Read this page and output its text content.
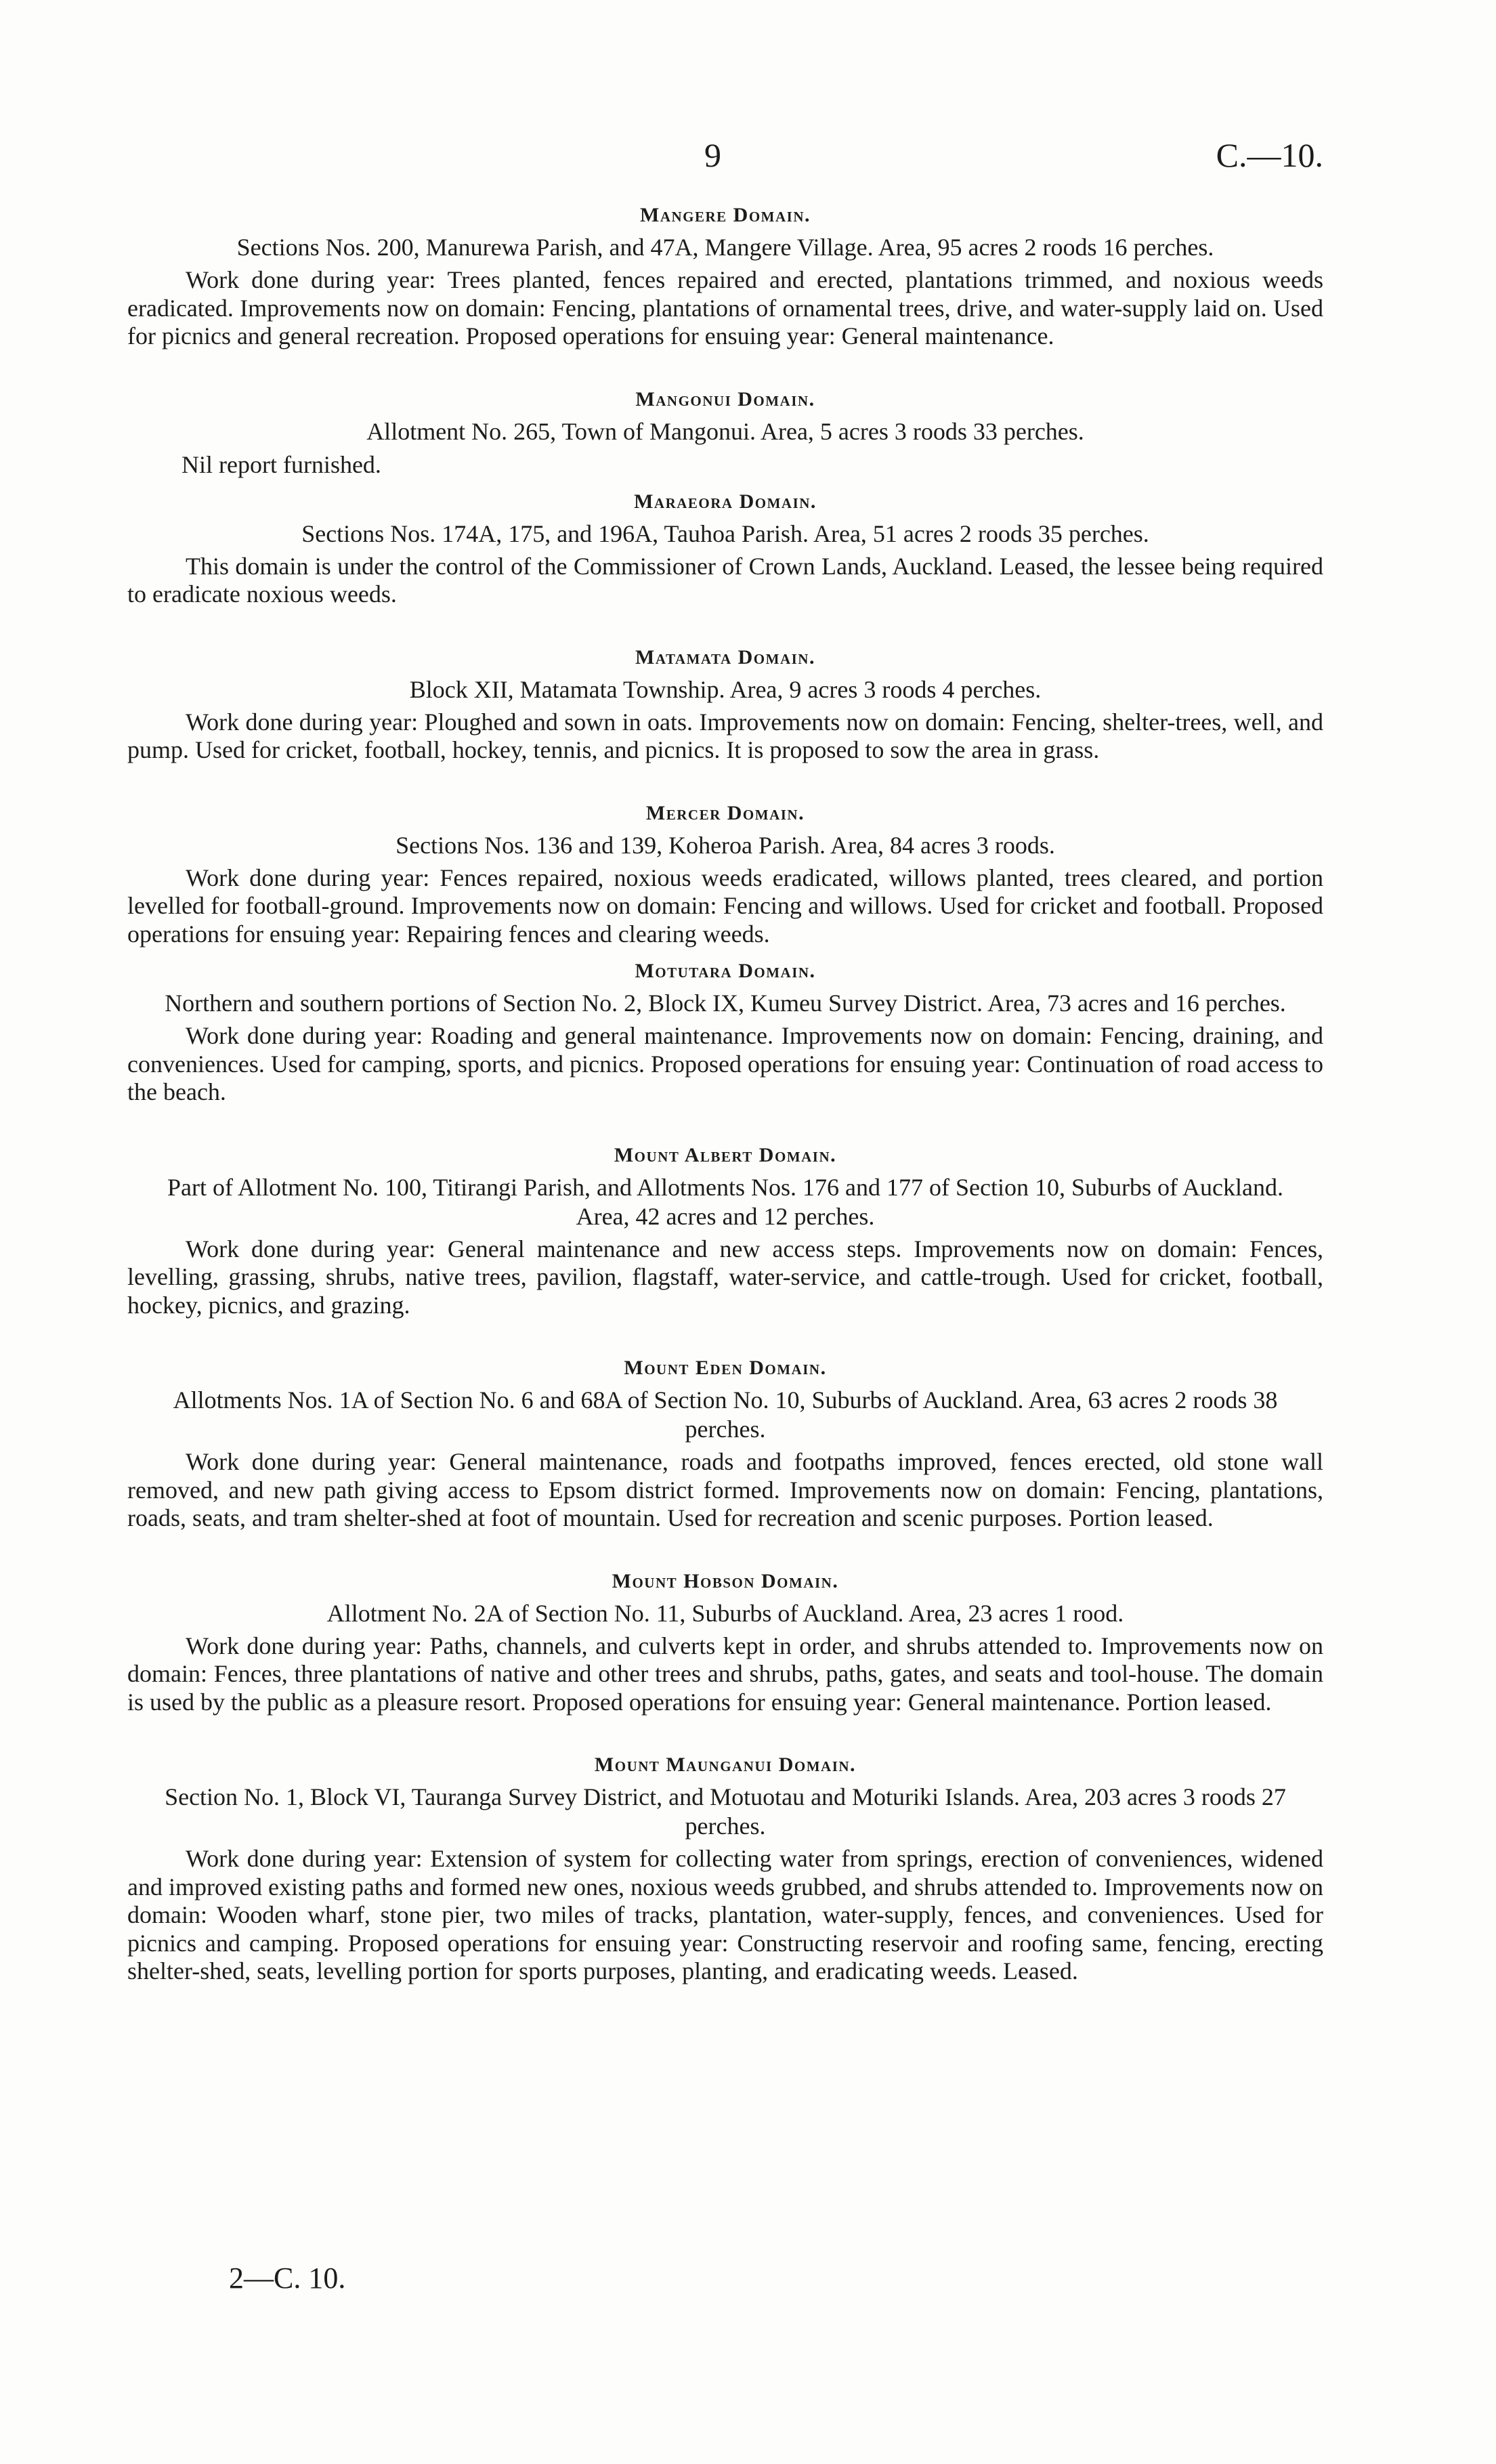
9	C.—10.
Mangere Domain.

Sections Nos. 200, Manurewa Parish, and 47A, Mangere Village. Area, 95 acres 2 roods 16 perches.

Work done during year: Trees planted, fences repaired and erected, plantations trimmed, and noxious weeds eradicated. Improvements now on domain: Fencing, plantations of ornamental trees, drive, and water-supply laid on. Used for picnics and general recreation. Proposed operations for ensuing year: General maintenance.

Mangonui Domain.

Allotment No. 265, Town of Mangonui. Area, 5 acres 3 roods 33 perches.

Nil report furnished.

Maraeora Domain.

Sections Nos. 174A, 175, and 196A, Tauhoa Parish. Area, 51 acres 2 roods 35 perches.

This domain is under the control of the Commissioner of Crown Lands, Auckland. Leased, the lessee being required to eradicate noxious weeds.

Matamata Domain.

Block XII, Matamata Township. Area, 9 acres 3 roods 4 perches.

Work done during year: Ploughed and sown in oats. Improvements now on domain: Fencing, shelter-trees, well, and pump. Used for cricket, football, hockey, tennis, and picnics. It is proposed to sow the area in grass.

Mercer Domain.

Sections Nos. 136 and 139, Koheroa Parish. Area, 84 acres 3 roods.

Work done during year: Fences repaired, noxious weeds eradicated, willows planted, trees cleared, and portion levelled for football-ground. Improvements now on domain: Fencing and willows. Used for cricket and football. Proposed operations for ensuing year: Repairing fences and clearing weeds.

Motutara Domain.

Northern and southern portions of Section No. 2, Block IX, Kumeu Survey District. Area, 73 acres and 16 perches.

Work done during year: Roading and general maintenance. Improvements now on domain: Fencing, draining, and conveniences. Used for camping, sports, and picnics. Proposed operations for ensuing year: Continuation of road access to the beach.

Mount Albert Domain.

Part of Allotment No. 100, Titirangi Parish, and Allotments Nos. 176 and 177 of Section 10, Suburbs of Auckland. Area, 42 acres and 12 perches.

Work done during year: General maintenance and new access steps. Improvements now on domain: Fences, levelling, grassing, shrubs, native trees, pavilion, flagstaff, water-service, and cattle-trough. Used for cricket, football, hockey, picnics, and grazing.

Mount Eden Domain.

Allotments Nos. 1A of Section No. 6 and 68A of Section No. 10, Suburbs of Auckland. Area, 63 acres 2 roods 38 perches.

Work done during year: General maintenance, roads and footpaths improved, fences erected, old stone wall removed, and new path giving access to Epsom district formed. Improvements now on domain: Fencing, plantations, roads, seats, and tram shelter-shed at foot of mountain. Used for recreation and scenic purposes. Portion leased.

Mount Hobson Domain.

Allotment No. 2A of Section No. 11, Suburbs of Auckland. Area, 23 acres 1 rood.

Work done during year: Paths, channels, and culverts kept in order, and shrubs attended to. Improvements now on domain: Fences, three plantations of native and other trees and shrubs, paths, gates, and seats and tool-house. The domain is used by the public as a pleasure resort. Proposed operations for ensuing year: General maintenance. Portion leased.

Mount Maunganui Domain.

Section No. 1, Block VI, Tauranga Survey District, and Motuotau and Moturiki Islands. Area, 203 acres 3 roods 27 perches.

Work done during year: Extension of system for collecting water from springs, erection of conveniences, widened and improved existing paths and formed new ones, noxious weeds grubbed, and shrubs attended to. Improvements now on domain: Wooden wharf, stone pier, two miles of tracks, plantation, water-supply, fences, and conveniences. Used for picnics and camping. Proposed operations for ensuing year: Constructing reservoir and roofing same, fencing, erecting shelter-shed, seats, levelling portion for sports purposes, planting, and eradicating weeds. Leased.

2—C. 10.
